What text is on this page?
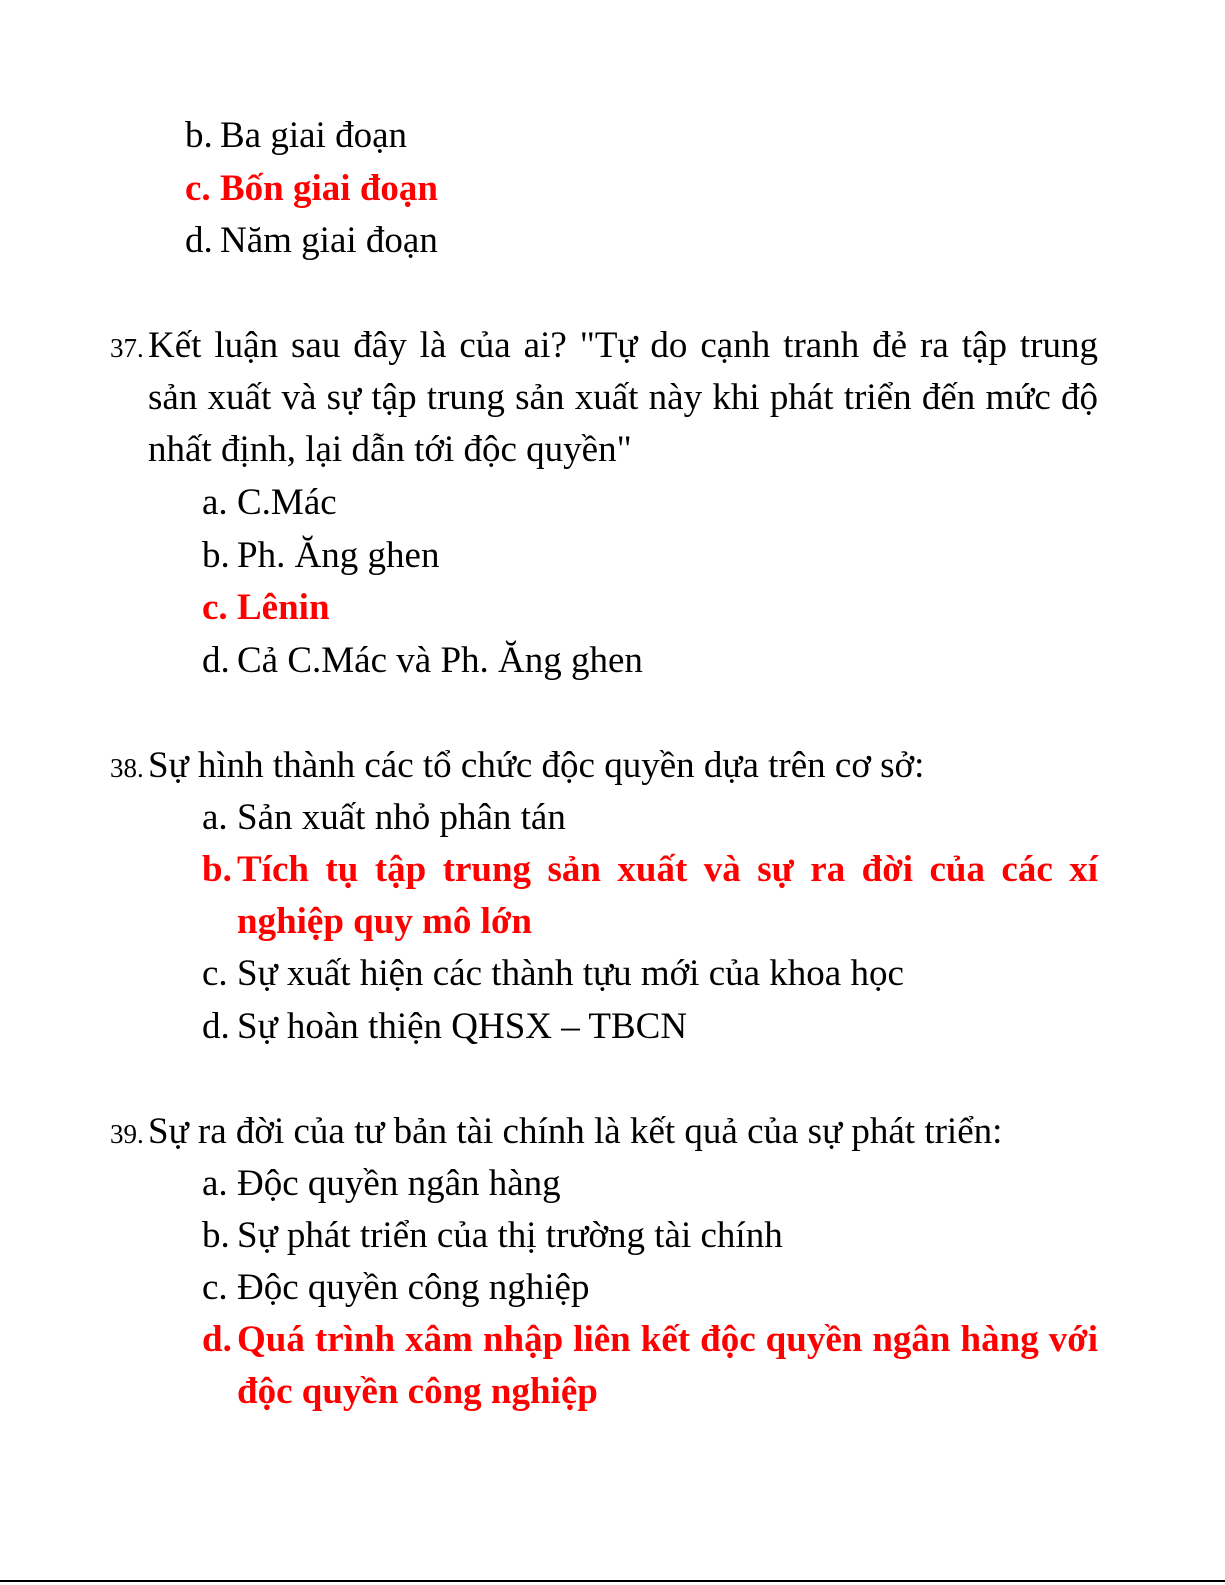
b. Ba giai đoạn
c. Bốn giai đoạn
d. Năm giai đoạn
37. Kết luận sau đây là của ai? "Tự do cạnh tranh đẻ ra tập trung sản xuất và sự tập trung sản xuất này khi phát triển đến mức độ nhất định, lại dẫn tới độc quyền"
a. C.Mác
b. Ph. Ăng ghen
c. Lênin
d. Cả C.Mác và Ph. Ăng ghen
38. Sự hình thành các tổ chức độc quyền dựa trên cơ sở:
a. Sản xuất nhỏ phân tán
b. Tích tụ tập trung sản xuất và sự ra đời của các xí nghiệp quy mô lớn
c. Sự xuất hiện các thành tựu mới của khoa học
d. Sự hoàn thiện QHSX – TBCN
39. Sự ra đời của tư bản tài chính là kết quả của sự phát triển:
a. Độc quyền ngân hàng
b. Sự phát triển của thị trường tài chính
c. Độc quyền công nghiệp
d. Quá trình xâm nhập liên kết độc quyền ngân hàng với độc quyền công nghiệp
